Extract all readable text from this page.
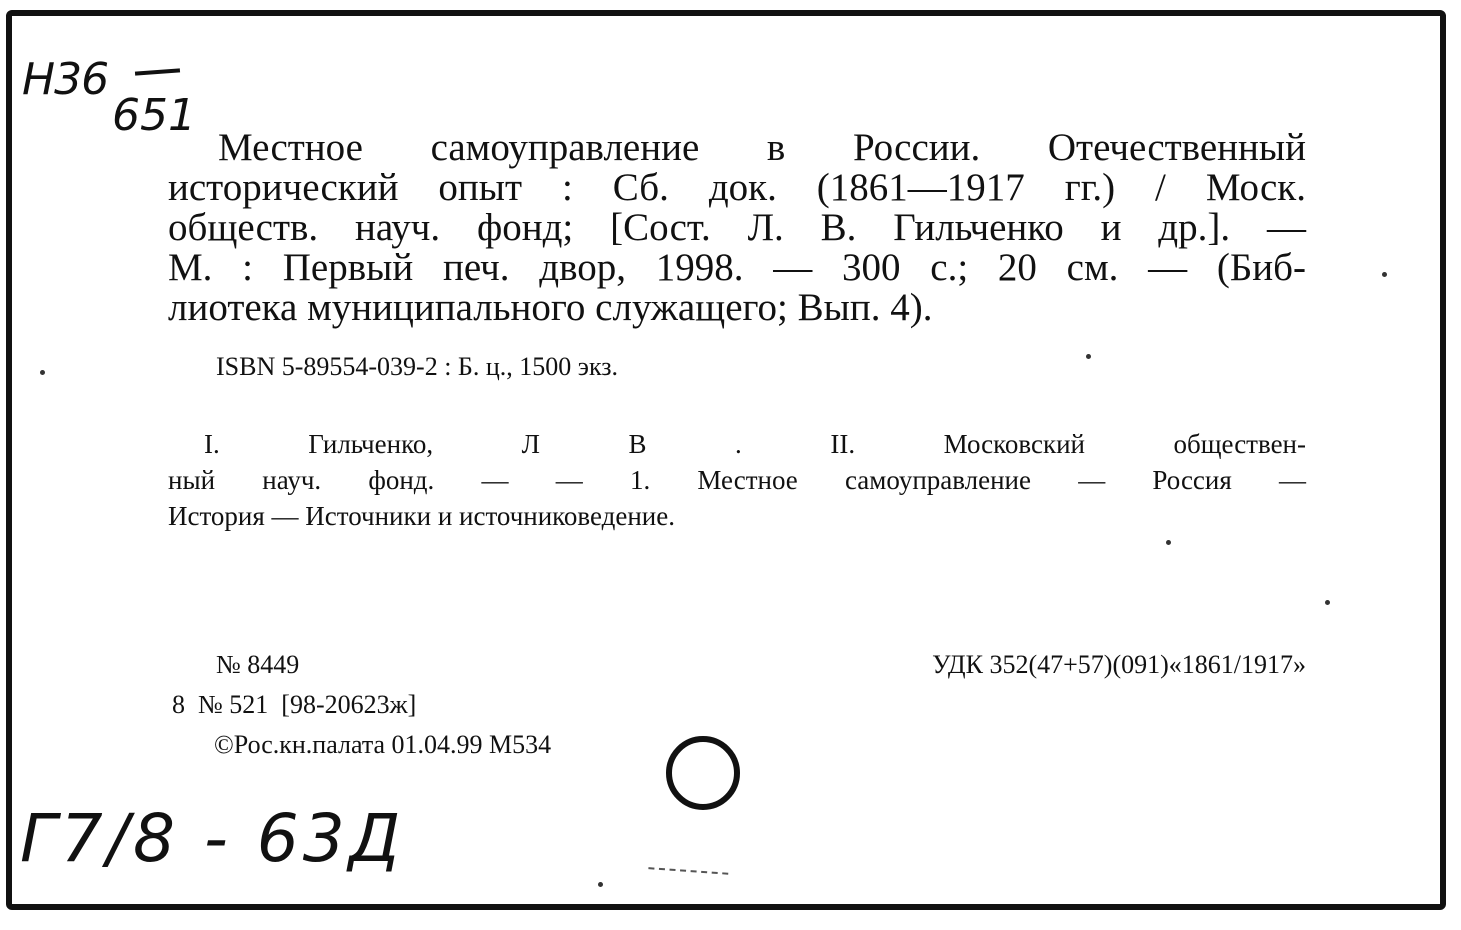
Н36
651
Местное самоуправление в России. Отечественный
исторический опыт : Сб. док. (1861—1917 гг.) / Моск.
обществ. науч. фонд; [Сост. Л. В. Гильченко и др.]. —
М. : Первый печ. двор, 1998. — 300 с.; 20 см. — (Биб-
лиотека муниципального служащего; Вып. 4).
ISBN 5-89554-039-2 : Б. ц., 1500 экз.
I. Гильченко, Л В . II. Московский обществен-
ный науч. фонд. — — 1. Местное самоуправление — Россия —
История — Источники и источниковедение.
№ 8449	УДК 352(47+57)(091)«1861/1917»
8  № 521  [98-20623ж]
©Рос.кн.палата 01.04.99 М534
Г7/8 - 63Д
